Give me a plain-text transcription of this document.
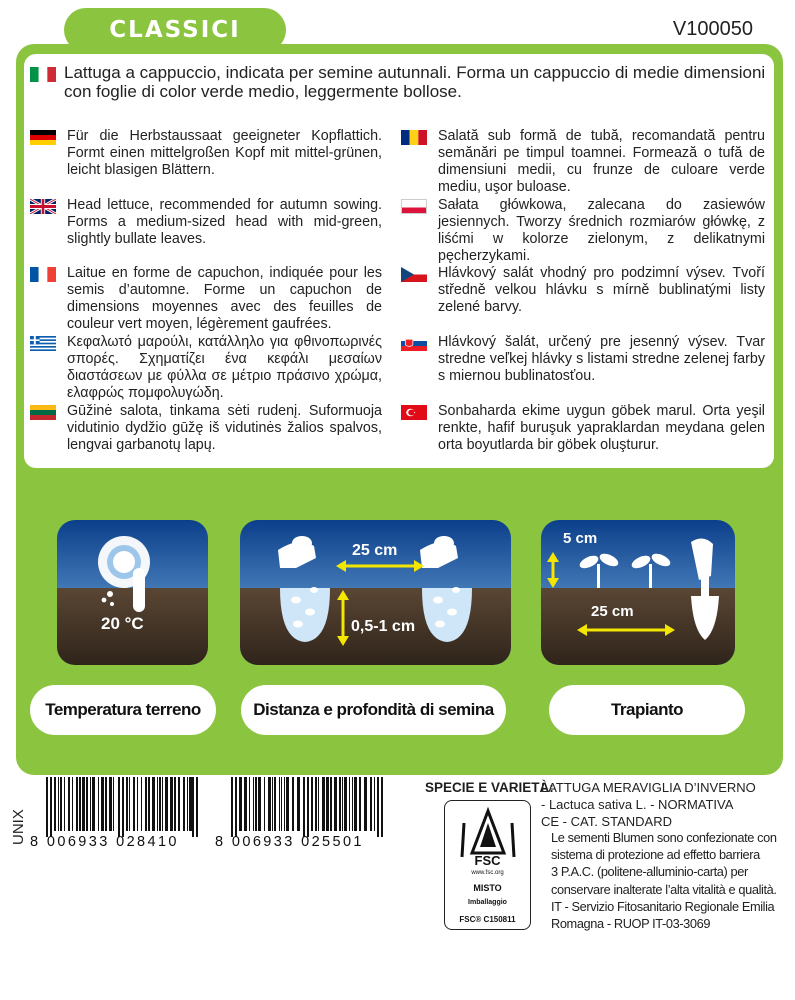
CLASSICI	V100050
Lattuga a cappuccio, indicata per semine autunnali. Forma un cappuccio di medie dimensioni con foglie di color verde medio, leggermente bollose.
Für die Herbstaussaat geeigneter Kopflattich. Formt einen mittelgroßen Kopf mit mittel-grünen, leicht blasigen Blättern.
Head lettuce, recommended for autumn sowing. Forms a medium-sized head with mid-green, slightly bullate leaves.
Laitue en forme de capuchon, indiquée pour les semis d’automne. Forme un capuchon de dimensions moyennes avec des feuilles de couleur vert moyen, légèrement gaufrées.
Κεφαλωτό μαρούλι, κατάλληλο για φθινοπωρινές σπορές. Σχηματίζει ένα κεφάλι μεσαίων διαστάσεων με φύλλα σε μέτριο πράσινο χρώμα, ελαφρώς πομφολυγώδη.
Gūžinė salota, tinkama sėti rudenį. Suformuoja vidutinio dydžio gūžę iš vidutinės žalios spalvos, lengvai garbanotų lapų.
Salată sub formă de tubă, recomandată pentru semănări pe timpul toamnei. Formează o tufă de dimensiuni medii, cu frunze de culoare verde mediu, uşor buloase.
Sałata główkowa, zalecana do zasiewów jesiennych. Tworzy średnich rozmiarów główkę, z liśćmi w kolorze zielonym, z delikatnymi pęcherzykami.
Hlávkový salát vhodný pro podzimní výsev. Tvoří středně velkou hlávku s mírně bublinatými listy zelené barvy.
Hlávkový šalát, určený pre jesenný výsev. Tvar stredne veľkej hlávky s listami stredne zelenej farby s miernou bublinatosťou.
Sonbaharda ekime uygun göbek marul. Orta yeşil renkte, hafif buruşuk yapraklardan meydana gelen orta boyutlarda bir göbek oluşturur.
20 °C
25 cm
0,5-1 cm
5 cm
25 cm
Temperatura terreno	Distanza e profondità di semina	Trapianto
UNIX 8 006933 028410 8 006933 025501
SPECIE E VARIETÀ:
LATTUGA MERAVIGLIA D’INVERNO
- Lactuca sativa L. - NORMATIVA
CE - CAT. STANDARD
FSC
www.fsc.org
MISTO
Imballaggio
FSC® C150811
Le sementi Blumen sono confezionate con
sistema di protezione ad effetto barriera
3 P.A.C. (politene-alluminio-carta) per
conservare inalterate l’alta vitalità e qualità.
IT - Servizio Fitosanitario Regionale Emilia
Romagna - RUOP IT-03-3069
